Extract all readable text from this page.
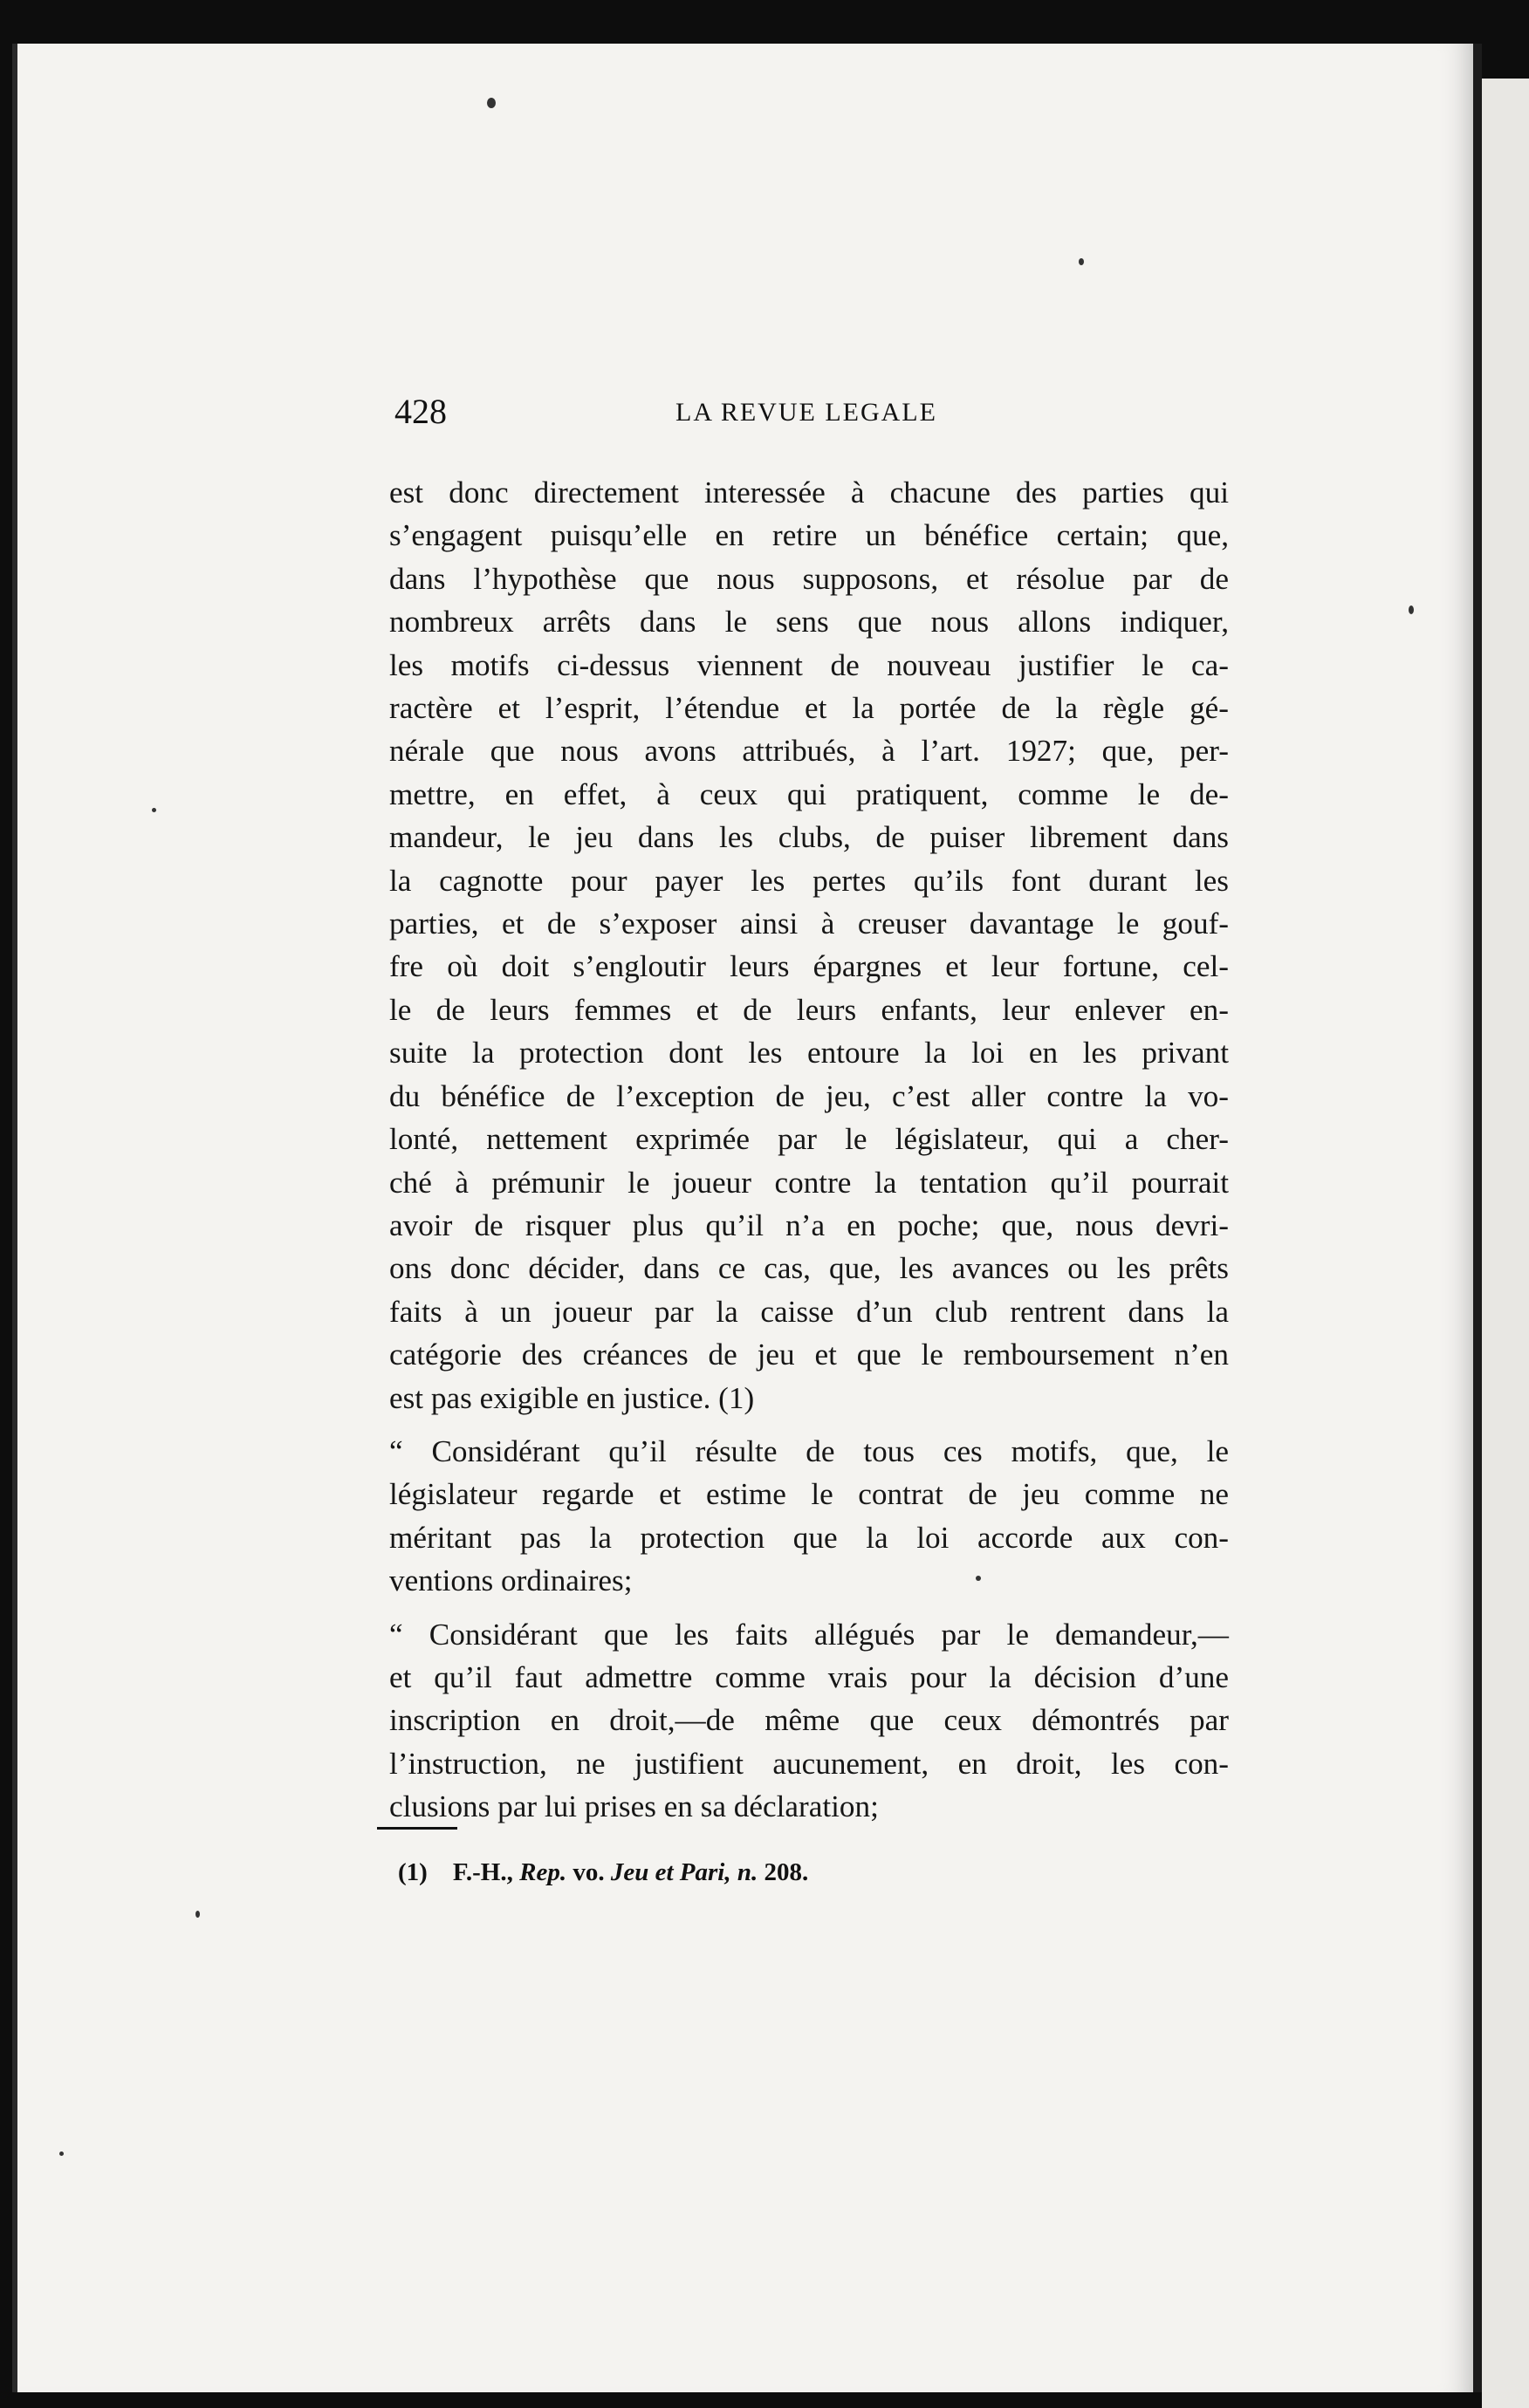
428	LA REVUE LEGALE

est donc directement interessée à chacune des parties qui
s’engagent puisqu’elle en retire un bénéfice certain; que,
dans l’hypothèse que nous supposons, et résolue par de
nombreux arrêts dans le sens que nous allons indiquer,
les motifs ci-dessus viennent de nouveau justifier le ca-
ractère et l’esprit, l’étendue et la portée de la règle gé-
nérale que nous avons attribués, à l’art. 1927; que, per-
mettre, en effet, à ceux qui pratiquent, comme le de-
mandeur, le jeu dans les clubs, de puiser librement dans
la cagnotte pour payer les pertes qu’ils font durant les
parties, et de s’exposer ainsi à creuser davantage le gouf-
fre où doit s’engloutir leurs épargnes et leur fortune, cel-
le de leurs femmes et de leurs enfants, leur enlever en-
suite la protection dont les entoure la loi en les privant
du bénéfice de l’exception de jeu, c’est aller contre la vo-
lonté, nettement exprimée par le législateur, qui a cher-
ché à prémunir le joueur contre la tentation qu’il pourrait
avoir de risquer plus qu’il n’a en poche; que, nous devri-
ons donc décider, dans ce cas, que, les avances ou les prêts
faits à un joueur par la caisse d’un club rentrent dans la
catégorie des créances de jeu et que le remboursement n’en
est pas exigible en justice. (1)

“ Considérant qu’il résulte de tous ces motifs, que, le
législateur regarde et estime le contrat de jeu comme ne
méritant pas la protection que la loi accorde aux con-
ventions ordinaires;

“ Considérant que les faits allégués par le demandeur,—
et qu’il faut admettre comme vrais pour la décision d’une
inscription en droit,—de même que ceux démontrés par
l’instruction, ne justifient aucunement, en droit, les con-
clusions par lui prises en sa déclaration;

(1) F.-H., Rep. vo. Jeu et Pari, n. 208.
